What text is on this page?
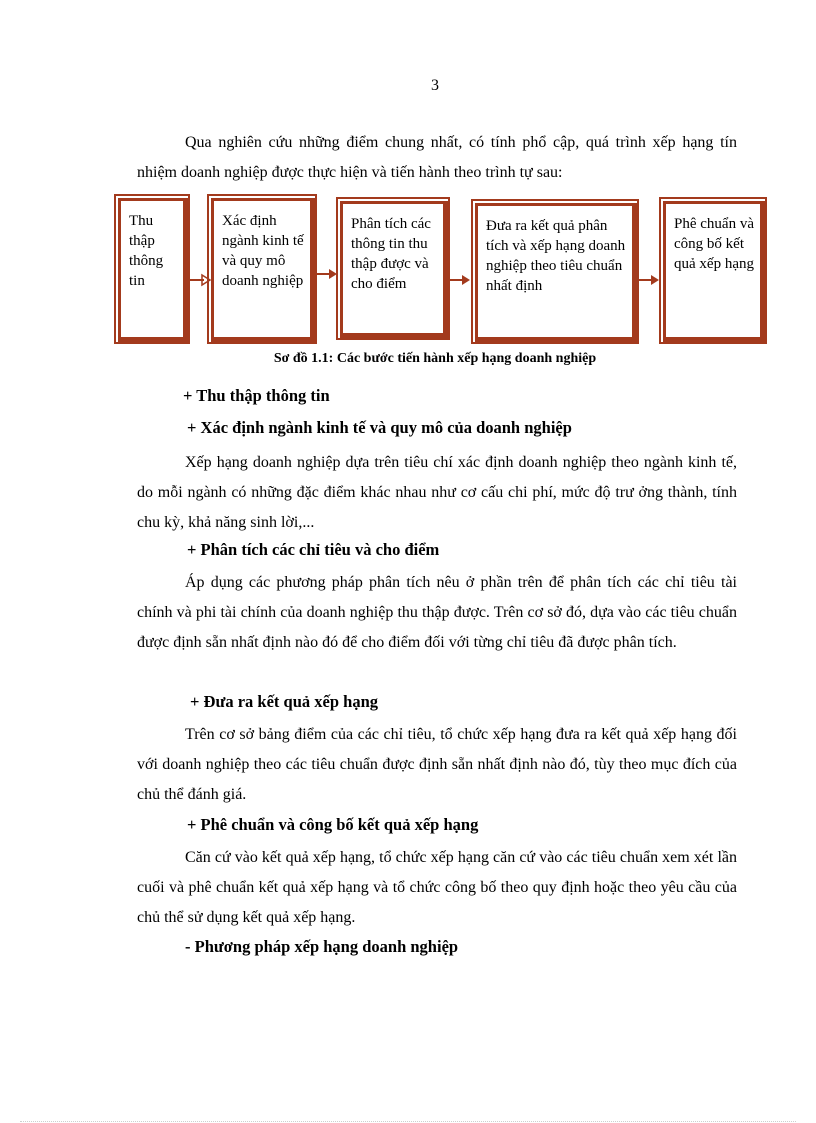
3
Qua nghiên cứu những điểm chung nhất, có tính phổ cập, quá trình xếp hạng tín nhiệm doanh nghiệp được thực hiện và tiến hành theo trình tự sau:
Thu thập thông tin
Xác định ngành kinh tế và quy mô doanh nghiệp
Phân tích các thông tin thu thập được và cho điểm
Đưa ra kết quả phân tích và xếp hạng doanh nghiệp theo tiêu chuẩn nhất định
Phê chuẩn và công bố kết quả xếp hạng
Sơ đồ 1.1: Các bước tiến hành xếp hạng doanh nghiệp
+ Thu thập thông tin
+ Xác định ngành kinh tế và quy mô của doanh nghiệp
Xếp hạng doanh nghiệp dựa trên tiêu chí xác định doanh nghiệp theo ngành kinh tế, do mỗi ngành có những đặc điểm khác nhau như cơ cấu chi phí, mức độ trư ởng thành, tính chu kỳ, khả năng sinh lời,...
+ Phân tích các chỉ tiêu và cho điểm
Áp dụng các phương pháp phân tích nêu ở phần trên để phân tích các chỉ tiêu tài chính và phi tài chính của doanh nghiệp thu thập được. Trên cơ sở đó, dựa vào các tiêu chuẩn được định sẵn nhất định nào đó để cho điểm đối với từng chỉ tiêu đã được phân tích.
+ Đưa ra kết quả xếp hạng
Trên cơ sở bảng điểm của các chỉ tiêu, tổ chức xếp hạng đưa ra kết quả xếp hạng đối với doanh nghiệp theo các tiêu chuẩn được định sẵn nhất định nào đó, tùy theo mục đích của chủ thể đánh giá.
+ Phê chuẩn và công bố kết quả xếp hạng
Căn cứ vào kết quả xếp hạng, tổ chức xếp hạng căn cứ vào các tiêu chuẩn xem xét lần cuối và phê chuẩn kết quả xếp hạng và tổ chức công bố theo quy định hoặc theo yêu cầu của chủ thể sử dụng kết quả xếp hạng.
- Phương pháp xếp hạng doanh nghiệp
